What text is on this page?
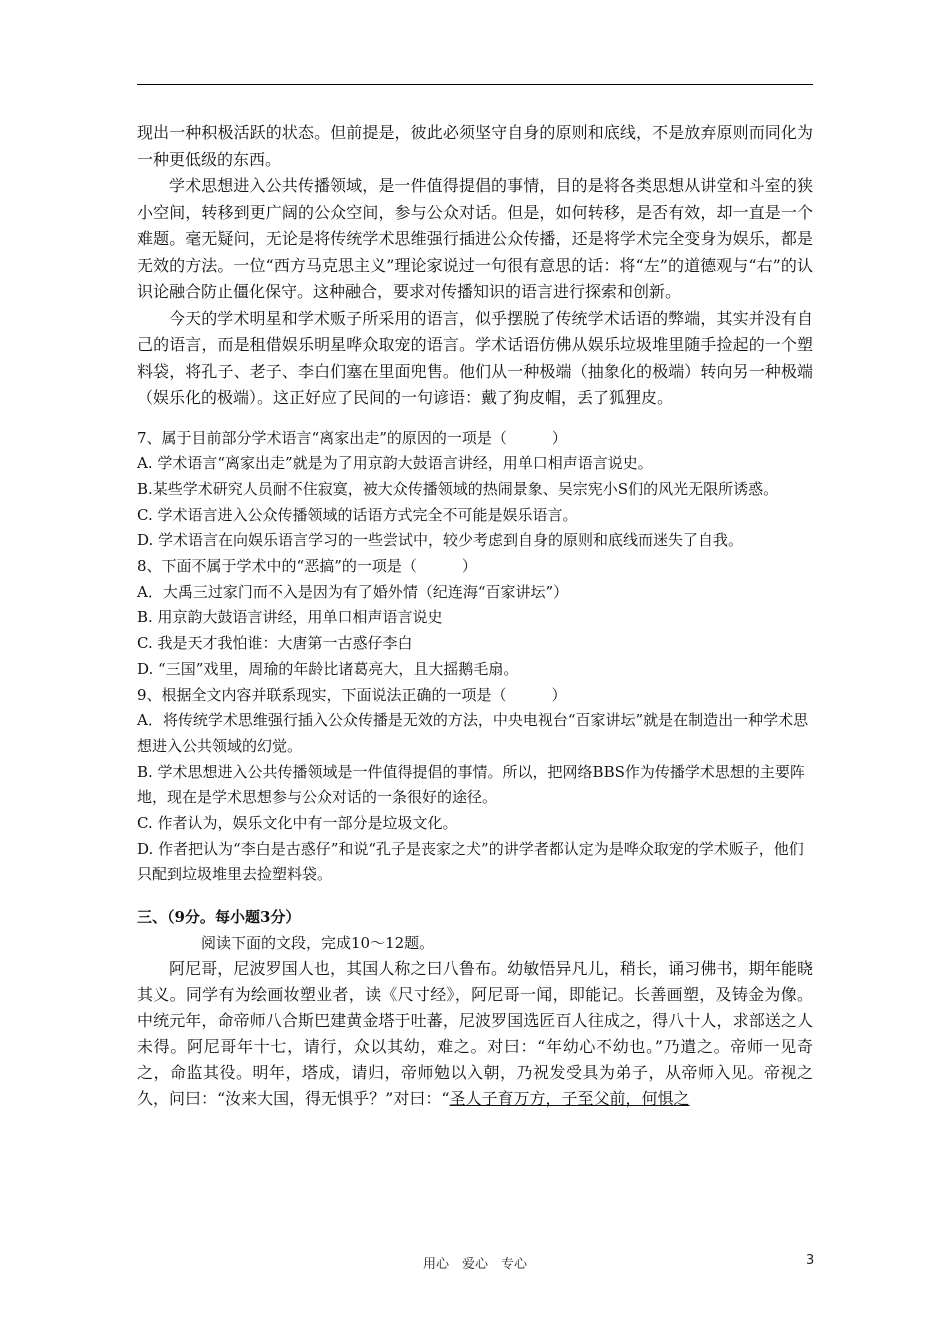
现出一种积极活跃的状态。但前提是，彼此必须坚守自身的原则和底线，不是放弃原则而同化为一种更低级的东西。

学术思想进入公共传播领域，是一件值得提倡的事情，目的是将各类思想从讲堂和斗室的狭小空间，转移到更广阔的公众空间，参与公众对话。但是，如何转移，是否有效，却一直是一个难题。毫无疑问，无论是将传统学术思维强行插进公众传播，还是将学术完全变身为娱乐，都是无效的方法。一位“西方马克思主义”理论家说过一句很有意思的话：将“左”的道德观与“右”的认识论融合防止僵化保守。这种融合，要求对传播知识的语言进行探索和创新。

今天的学术明星和学术贩子所采用的语言，似乎摆脱了传统学术话语的弊端，其实并没有自己的语言，而是租借娱乐明星哗众取宠的语言。学术话语仿佛从娱乐垃圾堆里随手捡起的一个塑料袋，将孔子、老子、李白们塞在里面兜售。他们从一种极端（抽象化的极端）转向另一种极端（娱乐化的极端）。这正好应了民间的一句谚语：戴了狗皮帽，丢了狐狸皮。

7、属于目前部分学术语言“离家出走”的原因的一项是（　　　）

A. 学术语言“离家出走”就是为了用京韵大鼓语言讲经，用单口相声语言说史。

B.某些学术研究人员耐不住寂寞，被大众传播领域的热闹景象、吴宗宪小S们的风光无限所诱惑。

C. 学术语言进入公众传播领域的话语方式完全不可能是娱乐语言。

D. 学术语言在向娱乐语言学习的一些尝试中，较少考虑到自身的原则和底线而迷失了自我。

8、下面不属于学术中的“恶搞”的一项是（　　　）

A．大禹三过家门而不入是因为有了婚外情（纪连海“百家讲坛”）

B. 用京韵大鼓语言讲经，用单口相声语言说史

C. 我是天才我怕谁：大唐第一古惑仔李白

D. “三国”戏里，周瑜的年龄比诸葛亮大，且大摇鹅毛扇。

9、根据全文内容并联系现实，下面说法正确的一项是（　　　）

A．将传统学术思维强行插入公众传播是无效的方法，中央电视台“百家讲坛”就是在制造出一种学术思想进入公共领域的幻觉。

B. 学术思想进入公共传播领域是一件值得提倡的事情。所以，把网络BBS作为传播学术思想的主要阵地，现在是学术思想参与公众对话的一条很好的途径。

C. 作者认为，娱乐文化中有一部分是垃圾文化。

D. 作者把认为“李白是古惑仔”和说“孔子是丧家之犬”的讲学者都认定为是哗众取宠的学术贩子，他们只配到垃圾堆里去捡塑料袋。

三、（9分。每小题3分）

阅读下面的文段，完成10～12题。

阿尼哥，尼波罗国人也，其国人称之曰八鲁布。幼敏悟异凡儿，稍长，诵习佛书，期年能晓其义。同学有为绘画妆塑业者，读《尺寸经》，阿尼哥一闻，即能记。长善画塑，及铸金为像。中统元年，命帝师八合斯巴建黄金塔于吐蕃，尼波罗国选匠百人往成之，得八十人，求部送之人未得。阿尼哥年十七，请行，众以其幼，难之。对曰：“年幼心不幼也。”乃遣之。帝师一见奇之，命监其役。明年，塔成，请归，帝师勉以入朝，乃祝发受具为弟子，从帝师入见。帝视之久，问曰：“汝来大国，得无惧乎？”对曰：“圣人子育万方，子至父前，何惧之

用心　爱心　专心	3
